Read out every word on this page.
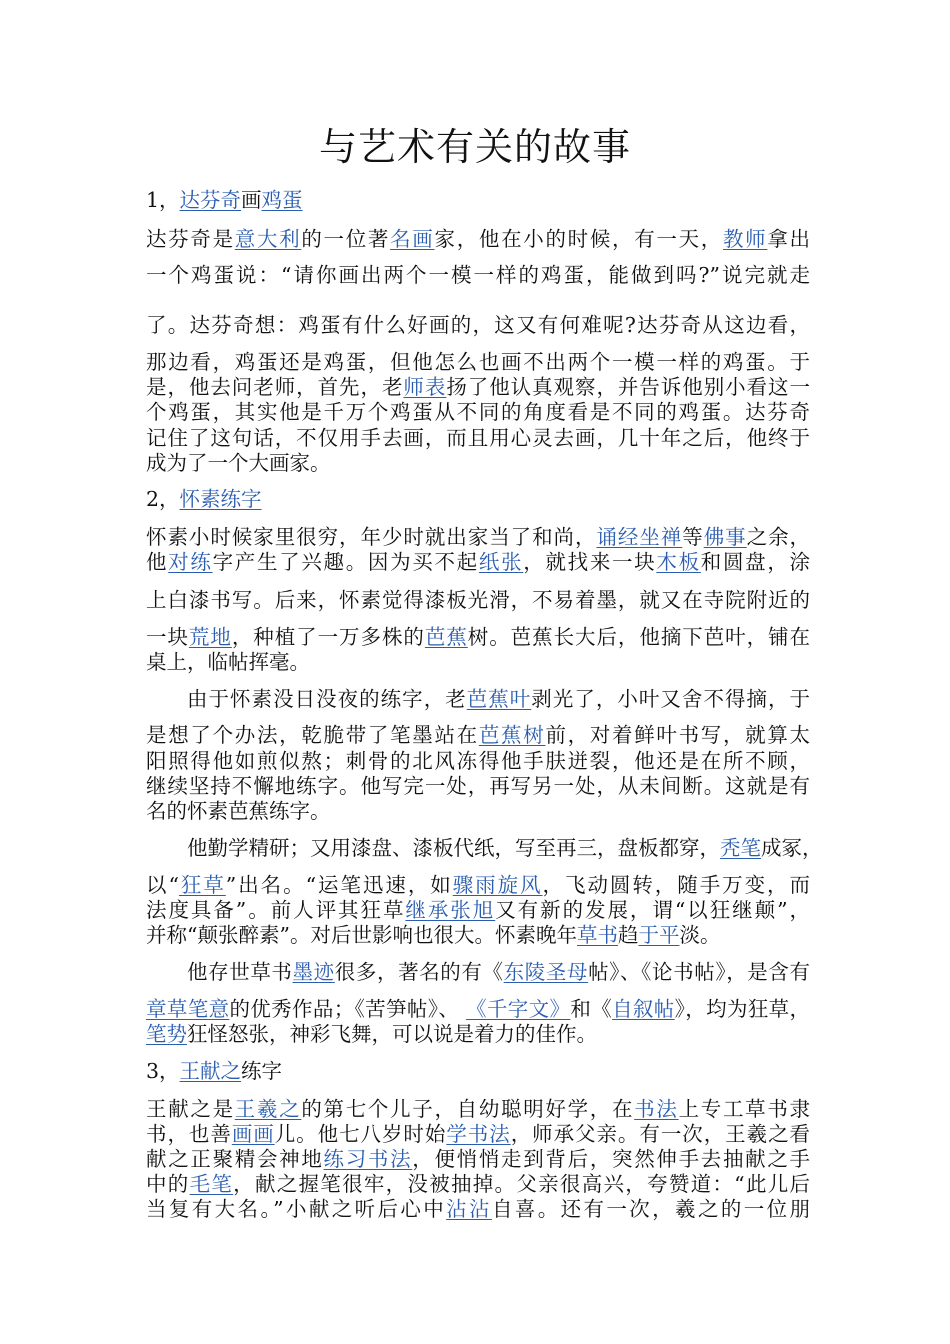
与艺术有关的故事
1，达芬奇画鸡蛋
达芬奇是意大利的一位著名画家，他在小的时候，有一天，教师拿出
一个鸡蛋说：“请你画出两个一模一样的鸡蛋，能做到吗?”说完就走
了。达芬奇想：鸡蛋有什么好画的，这又有何难呢?达芬奇从这边看，
那边看，鸡蛋还是鸡蛋，但他怎么也画不出两个一模一样的鸡蛋。于
是，他去问老师，首先，老师表扬了他认真观察，并告诉他别小看这一
个鸡蛋，其实他是千万个鸡蛋从不同的角度看是不同的鸡蛋。达芬奇
记住了这句话，不仅用手去画，而且用心灵去画，几十年之后，他终于
成为了一个大画家。
2，怀素练字
怀素小时候家里很穷，年少时就出家当了和尚，诵经坐禅等佛事之余，
他对练字产生了兴趣。因为买不起纸张，就找来一块木板和圆盘，涂
上白漆书写。后来，怀素觉得漆板光滑，不易着墨，就又在寺院附近的
一块荒地，种植了一万多株的芭蕉树。芭蕉长大后，他摘下芭叶，铺在
桌上，临帖挥毫。
由于怀素没日没夜的练字，老芭蕉叶剥光了，小叶又舍不得摘，于
是想了个办法，乾脆带了笔墨站在芭蕉树前，对着鲜叶书写，就算太
阳照得他如煎似熬；刺骨的北风冻得他手肤迸裂，他还是在所不顾，
继续坚持不懈地练字。他写完一处，再写另一处，从未间断。这就是有
名的怀素芭蕉练字。
他勤学精研；又用漆盘、漆板代纸，写至再三，盘板都穿，秃笔成冢，
以“狂草”出名。“运笔迅速，如骤雨旋风，飞动圆转，随手万变，而
法度具备”。前人评其狂草继承张旭又有新的发展，谓“以狂继颠”，
并称“颠张醉素”。对后世影响也很大。怀素晚年草书趋于平淡。
他存世草书墨迹很多，著名的有《东陵圣母帖》、《论书帖》，是含有
章草笔意的优秀作品；《苦笋帖》、 《千字文》和《自叙帖》，均为狂草，
笔势狂怪怒张，神彩飞舞，可以说是着力的佳作。
3，王献之练字
王献之是王羲之的第七个儿子，自幼聪明好学，在书法上专工草书隶
书，也善画画儿。他七八岁时始学书法，师承父亲。有一次，王羲之看
献之正聚精会神地练习书法，便悄悄走到背后，突然伸手去抽献之手
中的毛笔，献之握笔很牢，没被抽掉。父亲很高兴，夸赞道：“此儿后
当复有大名。”小献之听后心中沾沾自喜。还有一次，羲之的一位朋
